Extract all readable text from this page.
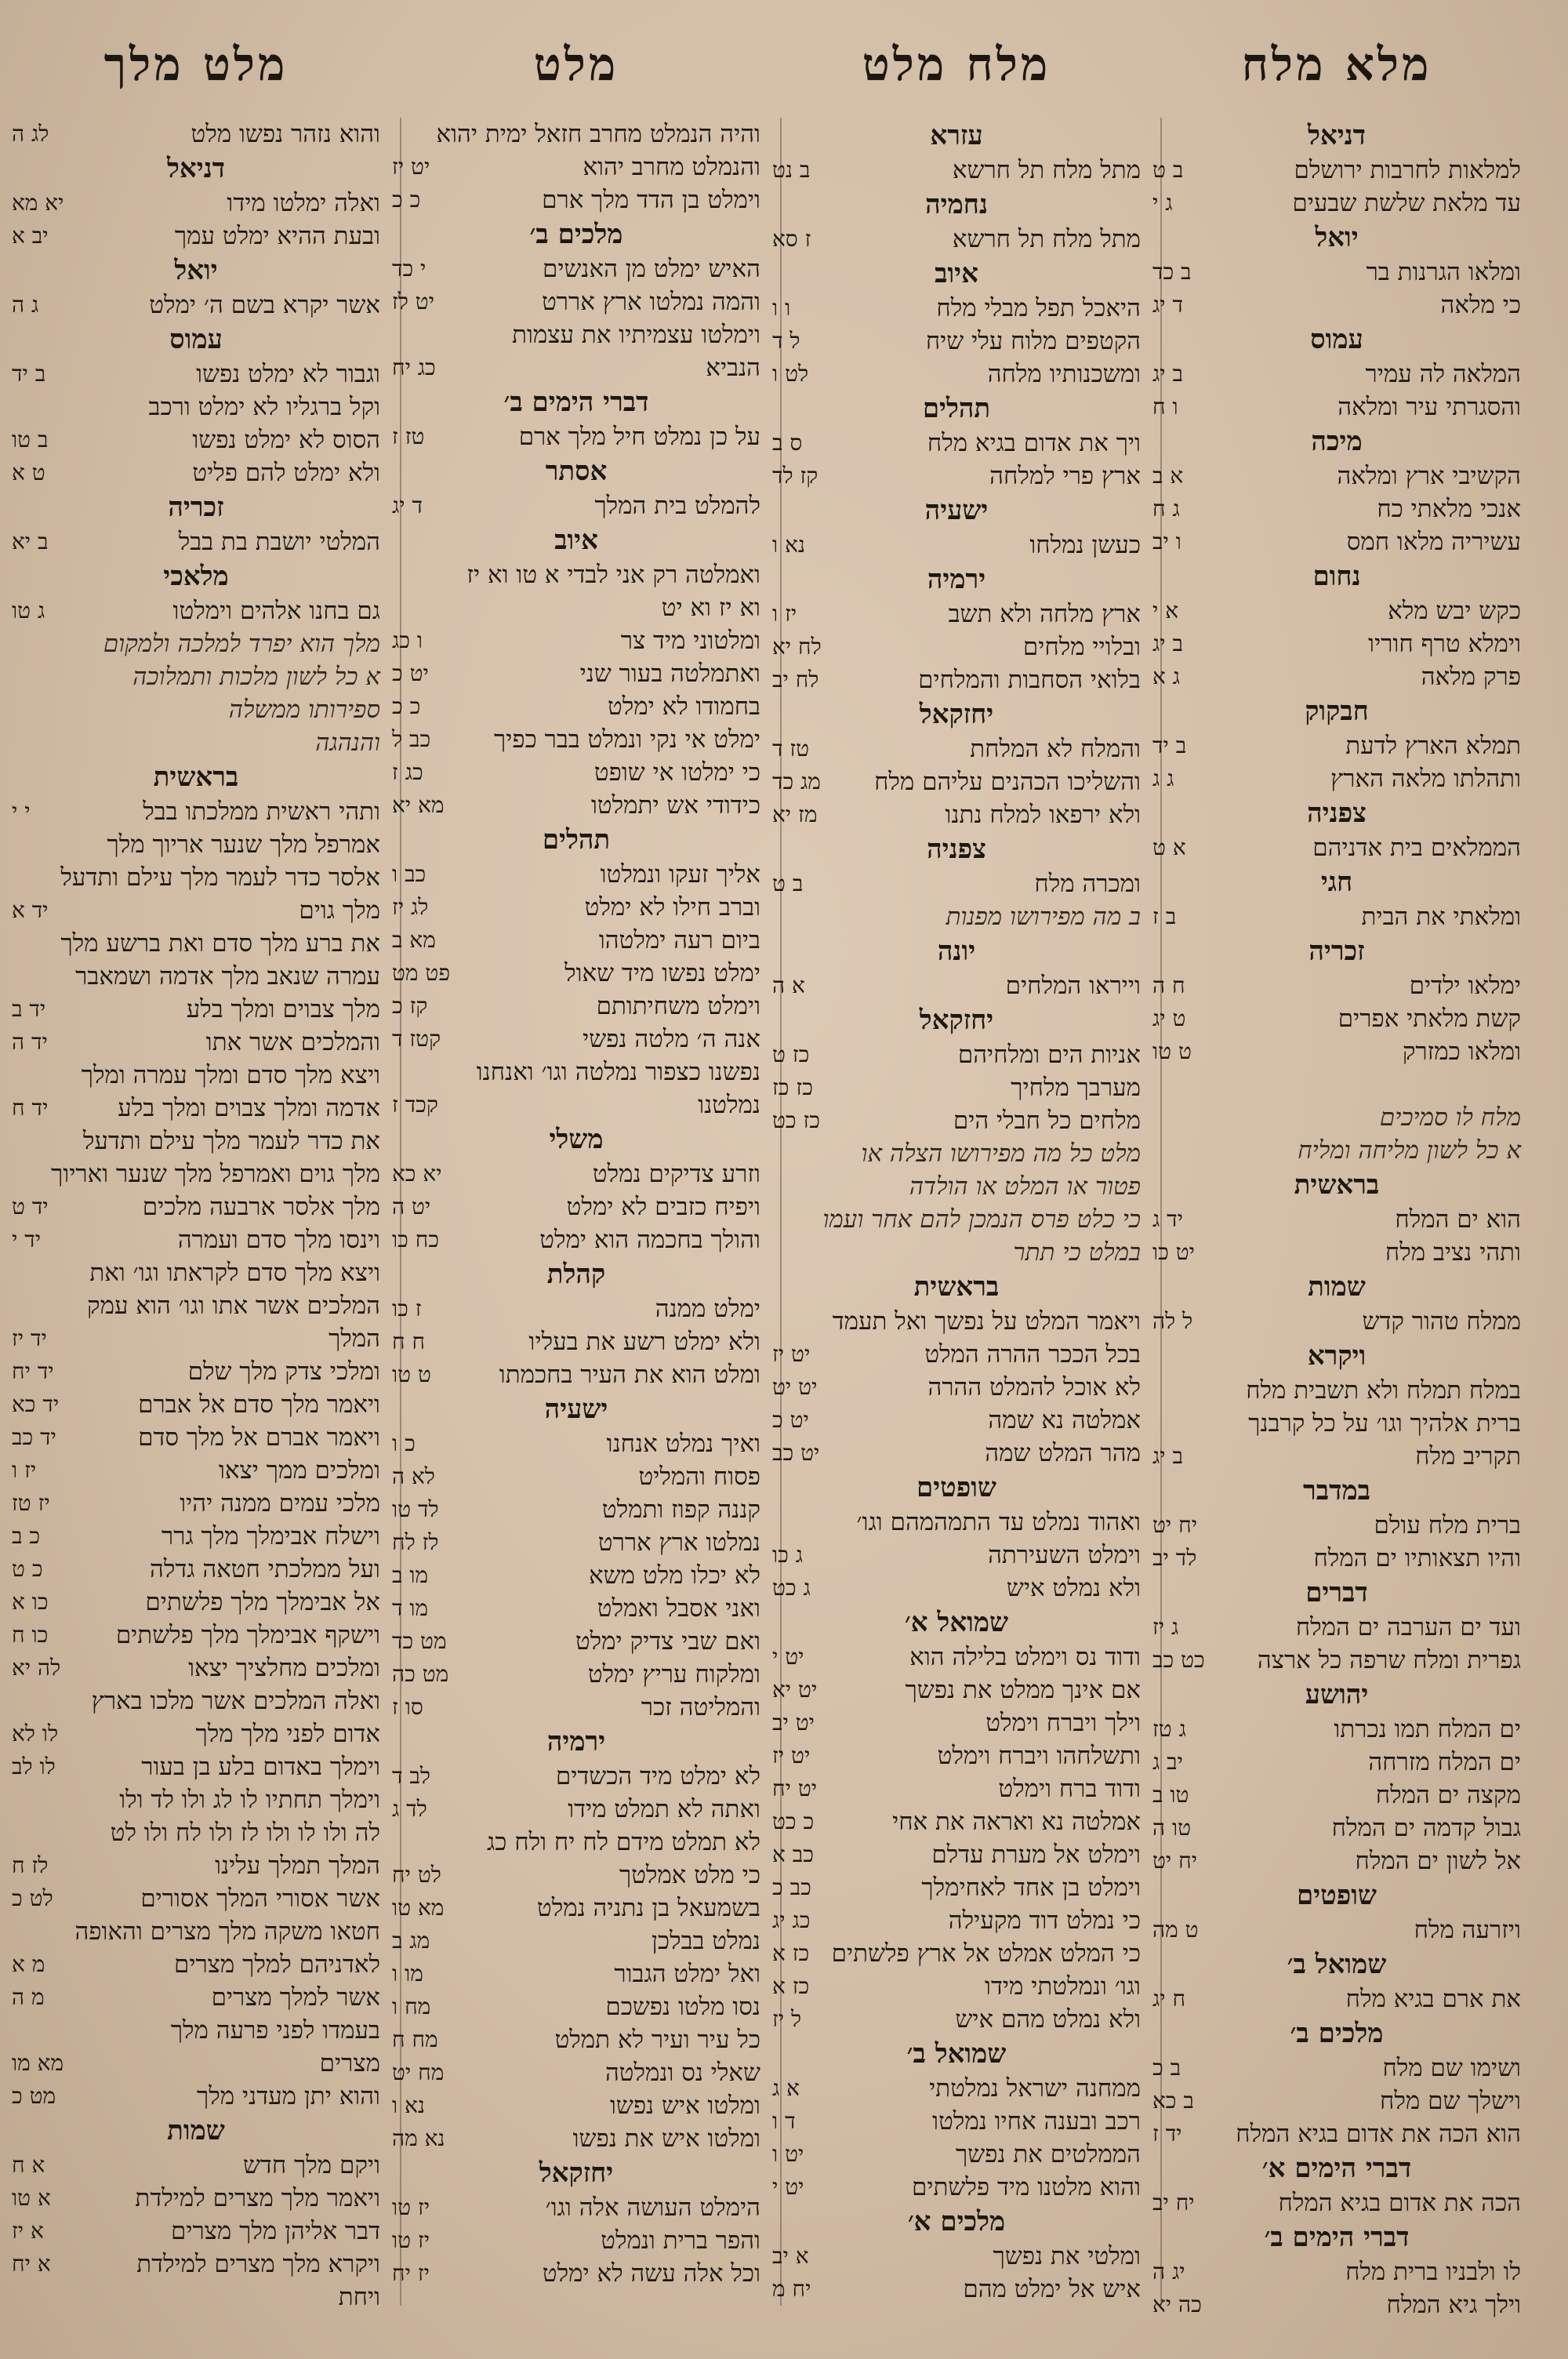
מלא מלח
מלח מלט
מלט
מלט מלך
דניאל
למלאות לחרבות ירושלם
ב ט
עד מלאת שלשת שבעים
ג י
יואל
ומלאו הגרנות בר
ב כד
כי מלאה
ד יג
עמוס
המלאה לה עמיר
ב יג
והסגרתי עיר ומלאה
ו ח
מיכה
הקשיבי ארץ ומלאה
א ב
אנכי מלאתי כח
ג ח
עשיריה מלאו חמס
ו יב
נחום
כקש יבש מלא
א י
וימלא טרף חוריו
ב יג
פרק מלאה
ג א
חבקוק
תמלא הארץ לדעת
ב יד
ותהלתו מלאה הארץ
ג ג
צפניה
הממלאים בית אדניהם
א ט
חגי
ומלאתי את הבית
ב ז
זכריה
ימלאו ילדים
ח ה
קשת מלאתי אפרים
ט יג
ומלאו כמזרק
ט טו
מלח לו סמיכים
א כל לשון מליחה ומליח
בראשית
הוא ים המלח
יד ג
ותהי נציב מלח
יט כו
שמות
ממלח טהור קדש
ל לה
ויקרא
במלח תמלח ולא תשבית מלח
ברית אלהיך וגו׳ על כל קרבנך
תקריב מלח
ב יג
במדבר
ברית מלח עולם
יח יט
והיו תצאותיו ים המלח
לד יב
דברים
ועד ים הערבה ים המלח
ג יז
גפרית ומלח שרפה כל ארצה
כט כב
יהושע
ים המלח תמו נכרתו
ג טז
ים המלח מזרחה
יב ג
מקצה ים המלח
טו ב
גבול קדמה ים המלח
טו ה
אל לשון ים המלח
יח יט
שופטים
ויזרעה מלח
ט מה
שמואל ב׳
את ארם בגיא מלח
ח יג
מלכים ב׳
ושימו שם מלח
ב כ
וישלך שם מלח
ב כא
הוא הכה את אדום בגיא המלח
יד ז
דברי הימים א׳
הכה את אדום בגיא המלח
יח יב
דברי הימים ב׳
לו ולבניו ברית מלח
יג ה
וילך גיא המלח
כה יא
עזרא
מתל מלח תל חרשא
ב נט
נחמיה
מתל מלח תל חרשא
ז סא
איוב
היאכל תפל מבלי מלח
ו ו
הקטפים מלוח עלי שיח
ל ד
ומשכנותיו מלחה
לט ו
תהלים
ויך את אדום בגיא מלח
ס ב
ארץ פרי למלחה
קז לד
ישעיה
כעשן נמלחו
נא ו
ירמיה
ארץ מלחה ולא תשב
יז ו
ובלויי מלחים
לח יא
בלואי הסחבות והמלחים
לח יב
יחזקאל
והמלח לא המלחת
טז ד
והשליכו הכהנים עליהם מלח
מג כד
ולא ירפאו למלח נתנו
מז יא
צפניה
ומכרה מלח
ב ט
ב מה מפירושו מפנות
יונה
וייראו המלחים
א ה
יחזקאל
אניות הים ומלחיהם
כז ט
מערבך מלחיך
כז כז
מלחים כל חבלי הים
כז כט
מלט כל מה מפירושו הצלה או
פטור או המלט או הולדה
כי כלט פרס הנמכן להם אחר ועמו
במלט כי תתר
בראשית
ויאמר המלט על נפשך ואל תעמד
בכל הככר ההרה המלט
יט יז
לא אוכל להמלט ההרה
יט יט
אמלטה נא שמה
יט כ
מהר המלט שמה
יט כב
שופטים
ואהוד נמלט עד התמהמהם וגו׳
וימלט השעירתה
ג כו
ולא נמלט איש
ג כט
שמואל א׳
ודוד נס וימלט בלילה הוא
יט י
אם אינך ממלט את נפשך
יט יא
וילך ויברח וימלט
יט יב
ותשלחהו ויברח וימלט
יט יז
ודוד ברח וימלט
יט יח
אמלטה נא ואראה את אחי
כ כט
וימלט אל מערת עדלם
כב א
וימלט בן אחד לאחימלך
כב כ
כי נמלט דוד מקעילה
כג יג
כי המלט אמלט אל ארץ פלשתים
כז א
וגו׳ ונמלטתי מידו
כז א
ולא נמלט מהם איש
ל יז
שמואל ב׳
ממחנה ישראל נמלטתי
א ג
רכב ובענה אחיו נמלטו
ד ו
הממלטים את נפשך
יט ו
והוא מלטנו מיד פלשתים
יט י
מלכים א׳
ומלטי את נפשך
א יב
איש אל ימלט מהם
יח מ
והיה הנמלט מחרב חזאל ימית יהוא
והנמלט מחרב יהוא
יט יז
וימלט בן הדד מלך ארם
כ כ
מלכים ב׳
האיש ימלט מן האנשים
י כד
והמה נמלטו ארץ אררט
יט לז
וימלטו עצמיתיו את עצמות
הנביא
כג יח
דברי הימים ב׳
על כן נמלט חיל מלך ארם
טז ז
אסתר
להמלט בית המלך
ד יג
איוב
ואמלטה רק אני לבדי א טו וא יז
וא יז וא יט
ומלטוני מיד צר
ו כג
ואתמלטה בעור שני
יט כ
בחמודו לא ימלט
כ כ
ימלט אי נקי ונמלט בבר כפיך
כב ל
כי ימלטו אי שופט
כג ז
כידודי אש יתמלטו
מא יא
תהלים
אליך זעקו ונמלטו
כב ו
וברב חילו לא ימלט
לג יז
ביום רעה ימלטהו
מא ב
ימלט נפשו מיד שאול
פט מט
וימלט משחיתותם
קז כ
אנה ה׳ מלטה נפשי
קטז ד
נפשנו כצפור נמלטה וגו׳ ואנחנו
נמלטנו
קכד ז
משלי
וזרע צדיקים נמלט
יא כא
ויפיח כזבים לא ימלט
יט ה
והולך בחכמה הוא ימלט
כח כו
קהלת
ימלט ממנה
ז כו
ולא ימלט רשע את בעליו
ח ח
ומלט הוא את העיר בחכמתו
ט טו
ישעיה
ואיך נמלט אנחנו
כ ו
פסוח והמליט
לא ה
קננה קפוז ותמלט
לד טו
נמלטו ארץ אררט
לז לח
לא יכלו מלט משא
מו ב
ואני אסבל ואמלט
מו ד
ואם שבי צדיק ימלט
מט כד
ומלקוח עריץ ימלט
מט כה
והמליטה זכר
סו ז
ירמיה
לא ימלט מיד הכשדים
לב ד
ואתה לא תמלט מידו
לד ג
לא תמלט מידם לח יח ולח כג
כי מלט אמלטך
לט יח
בשמעאל בן נתניה נמלט
מא טו
נמלט בבלכן
מג ב
ואל ימלט הגבור
מו ו
נסו מלטו נפשכם
מח ו
כל עיר ועיר לא תמלט
מח ח
שאלי נס ונמלטה
מח יט
ומלטו איש נפשו
נא ו
ומלטו איש את נפשו
נא מה
יחזקאל
הימלט העושה אלה וגו׳
יז טו
והפר ברית ונמלט
יז טו
וכל אלה עשה לא ימלט
יז יח
והוא נזהר נפשו מלט
לג ה
דניאל
ואלה ימלטו מידו
יא מא
ובעת ההיא ימלט עמך
יב א
יואל
אשר יקרא בשם ה׳ ימלט
ג ה
עמוס
וגבור לא ימלט נפשו
ב יד
וקל ברגליו לא ימלט ורכב
הסוס לא ימלט נפשו
ב טו
ולא ימלט להם פליט
ט א
זכריה
המלטי יושבת בת בבל
ב יא
מלאכי
גם בחנו אלהים וימלטו
ג טו
מלך הוא יפרד למלכה ולמקום
א כל לשון מלכות ותמלוכה
ספירותו ממשלה
והנהגה
בראשית
ותהי ראשית ממלכתו בבל
י י
אמרפל מלך שנער אריוך מלך
אלסר כדר לעמר מלך עילם ותדעל
מלך גוים
יד א
את ברע מלך סדם ואת ברשע מלך
עמרה שנאב מלך אדמה ושמאבר
מלך צבוים ומלך בלע
יד ב
והמלכים אשר אתו
יד ה
ויצא מלך סדם ומלך עמרה ומלך
אדמה ומלך צבוים ומלך בלע
יד ח
את כדר לעמר מלך עילם ותדעל
מלך גוים ואמרפל מלך שנער ואריוך
מלך אלסר ארבעה מלכים
יד ט
וינסו מלך סדם ועמרה
יד י
ויצא מלך סדם לקראתו וגו׳ ואת
המלכים אשר אתו וגו׳ הוא עמק
המלך
יד יז
ומלכי צדק מלך שלם
יד יח
ויאמר מלך סדם אל אברם
יד כא
ויאמר אברם אל מלך סדם
יד כב
ומלכים ממך יצאו
יז ו
מלכי עמים ממנה יהיו
יז טז
וישלח אבימלך מלך גרר
כ ב
ועל ממלכתי חטאה גדלה
כ ט
אל אבימלך מלך פלשתים
כו א
וישקף אבימלך מלך פלשתים
כו ח
ומלכים מחלציך יצאו
לה יא
ואלה המלכים אשר מלכו בארץ
אדום לפני מלך מלך
לו לא
וימלך באדום בלע בן בעור
לו לב
וימלך תחתיו לו לג ולו לד ולו
לה ולו לו ולו לז ולו לח ולו לט
המלך תמלך עלינו
לז ח
אשר אסורי המלך אסורים
לט כ
חטאו משקה מלך מצרים והאופה
לאדניהם למלך מצרים
מ א
אשר למלך מצרים
מ ה
בעמדו לפני פרעה מלך
מצרים
מא מו
והוא יתן מעדני מלך
מט כ
שמות
ויקם מלך חדש
א ח
ויאמר מלך מצרים למילדת
א טו
דבר אליהן מלך מצרים
א יז
ויקרא מלך מצרים למילדת
א יח
ויחת
